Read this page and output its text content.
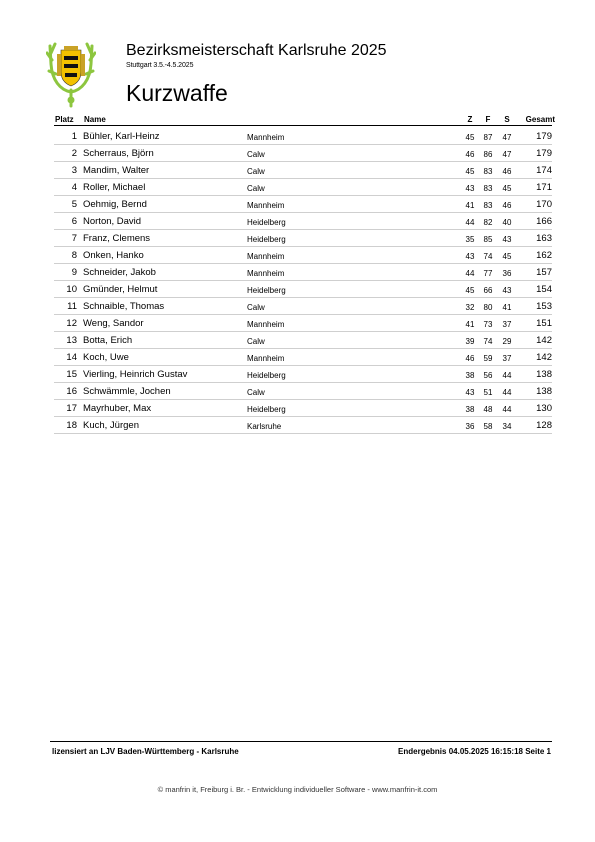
Bezirksmeisterschaft Karlsruhe 2025
Stuttgart 3.5.-4.5.2025
Kurzwaffe
Platz Name	Z	F	S	Gesamt
1 Bühler, Karl-Heinz	Mannheim	45 87	47	179
2 Scherraus, Björn	Calw	46 86	47	179
3 Mandim, Walter	Calw	45 83	46	174
4 Roller, Michael	Calw	43 83	45	171
5 Oehmig, Bernd	Mannheim	41 83	46	170
6 Norton, David	Heidelberg	44 82	40	166
7 Franz, Clemens	Heidelberg	35 85	43	163
8 Onken, Hanko	Mannheim	43 74	45	162
9 Schneider, Jakob	Mannheim	44 77	36	157
10 Gmünder, Helmut	Heidelberg	45 66	43	154
11 Schnaible, Thomas	Calw	32 80	41	153
12 Weng, Sandor	Mannheim	41 73	37	151
13 Botta, Erich	Calw	39 74	29	142
14 Koch, Uwe	Mannheim	46 59	37	142
15 Vierling, Heinrich Gustav	Heidelberg	38 56	44	138
16 Schwämmle, Jochen	Calw	43 51	44	138
17 Mayrhuber, Max	Heidelberg	38 48	44	130
18 Kuch, Jürgen	Karlsruhe	36 58	34	128
lizensiert an LJV Baden-Württemberg - Karlsruhe	Endergebnis 04.05.2025 16:15:18 Seite 1
© manfrin it, Freiburg i. Br. - Entwicklung individueller Software - www.manfrin-it.com
